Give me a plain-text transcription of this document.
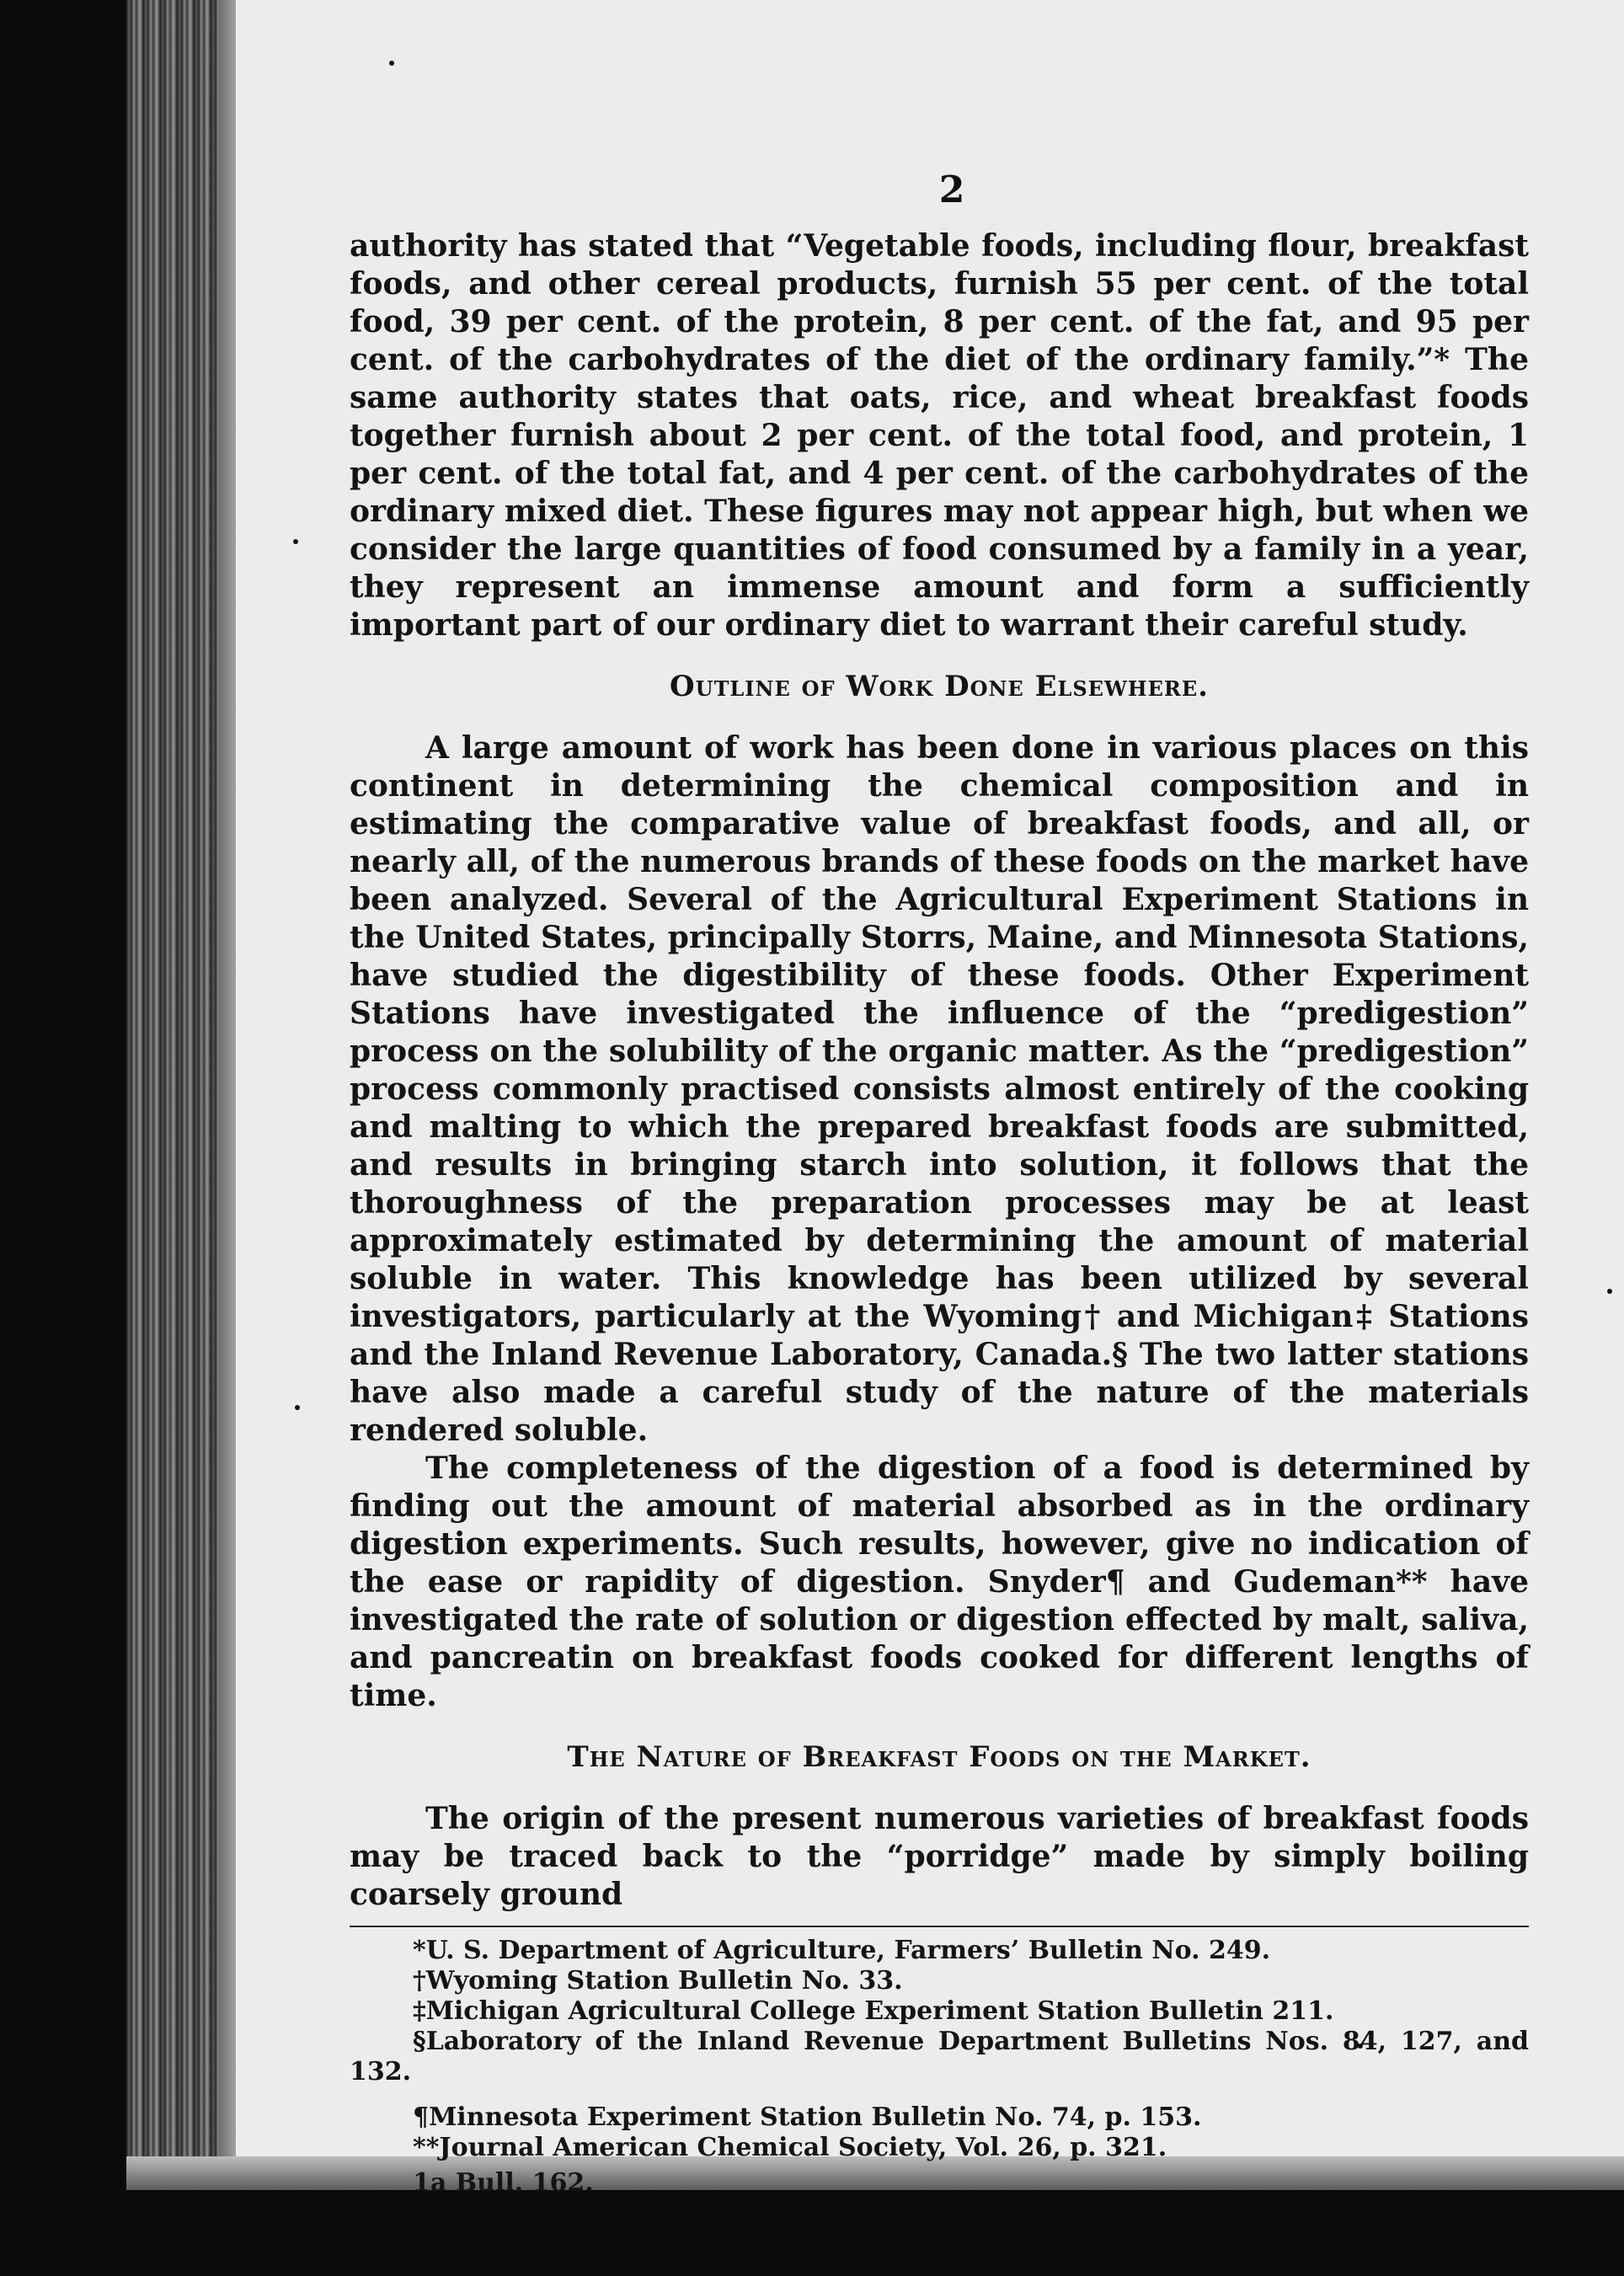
2

authority has stated that “Vegetable foods, including flour, breakfast foods, and other cereal products, furnish 55 per cent. of the total food, 39 per cent. of the protein, 8 per cent. of the fat, and 95 per cent. of the carbohydrates of the diet of the ordinary family.”* The same authority states that oats, rice, and wheat breakfast foods together furnish about 2 per cent. of the total food, and protein, 1 per cent. of the total fat, and 4 per cent. of the carbohydrates of the ordinary mixed diet. These figures may not appear high, but when we consider the large quantities of food consumed by a family in a year, they represent an immense amount and form a sufficiently important part of our ordinary diet to warrant their careful study.

Outline of Work Done Elsewhere.

A large amount of work has been done in various places on this continent in determining the chemical composition and in estimating the comparative value of breakfast foods, and all, or nearly all, of the numerous brands of these foods on the market have been analyzed. Several of the Agricultural Experiment Stations in the United States, principally Storrs, Maine, and Minnesota Stations, have studied the digestibility of these foods. Other Experiment Stations have investigated the influence of the “predigestion” process on the solubility of the organic matter. As the “predigestion” process commonly practised consists almost entirely of the cooking and malting to which the prepared breakfast foods are submitted, and results in bringing starch into solution, it follows that the thoroughness of the preparation processes may be at least approximately estimated by determining the amount of material soluble in water. This knowledge has been utilized by several investigators, particularly at the Wyoming† and Michigan‡ Stations and the Inland Revenue Laboratory, Canada.§ The two latter stations have also made a careful study of the nature of the materials rendered soluble.

The completeness of the digestion of a food is determined by finding out the amount of material absorbed as in the ordinary digestion experiments. Such results, however, give no indication of the ease or rapidity of digestion. Snyder¶ and Gudeman** have investigated the rate of solution or digestion effected by malt, saliva, and pancreatin on breakfast foods cooked for different lengths of time.

The Nature of Breakfast Foods on the Market.

The origin of the present numerous varieties of breakfast foods may be traced back to the “porridge” made by simply boiling coarsely ground

*U. S. Department of Agriculture, Farmers’ Bulletin No. 249.

†Wyoming Station Bulletin No. 33.

‡Michigan Agricultural College Experiment Station Bulletin 211.

§Laboratory of the Inland Revenue Department Bulletins Nos. 84, 127, and 132.

¶Minnesota Experiment Station Bulletin No. 74, p. 153.

**Journal American Chemical Society, Vol. 26, p. 321.

1a Bull. 162.
